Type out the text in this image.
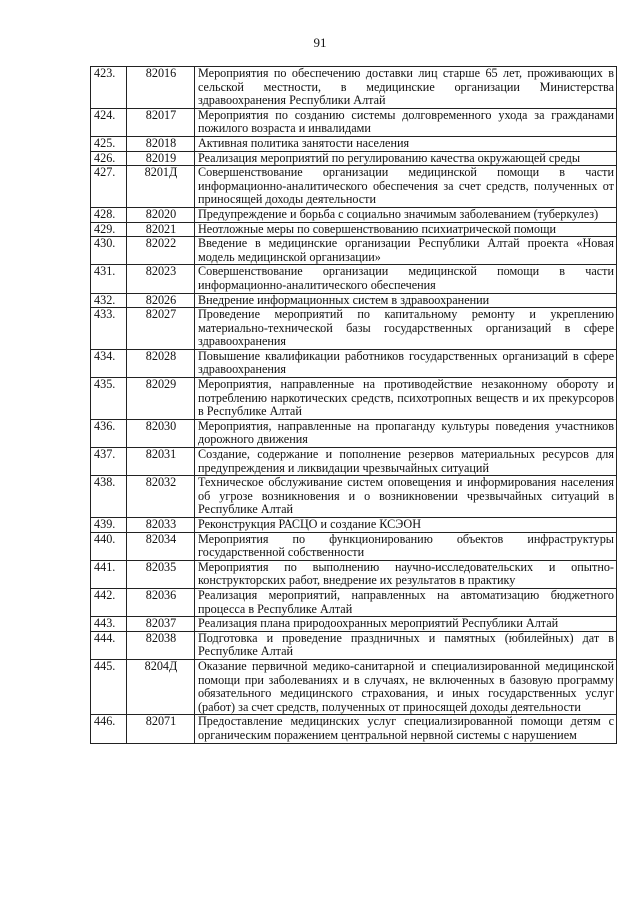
91
423.	82016	Мероприятия по обеспечению доставки лиц старше 65 лет, проживающих в сельской местности, в медицинские организации Министерства здравоохранения Республики Алтай
424.	82017	Мероприятия по созданию системы долговременного ухода за гражданами пожилого возраста и инвалидами
425.	82018	Активная политика занятости населения
426.	82019	Реализация мероприятий по регулированию качества окружающей среды
427.	8201Д	Совершенствование организации медицинской помощи в части информационно-аналитического обеспечения за счет средств, полученных от приносящей доходы деятельности
428.	82020	Предупреждение и борьба с социально значимым заболеванием (туберкулез)
429.	82021	Неотложные меры по совершенствованию психиатрической помощи
430.	82022	Введение в медицинские организации Республики Алтай проекта «Новая модель медицинской организации»
431.	82023	Совершенствование организации медицинской помощи в части информационно-аналитического обеспечения
432.	82026	Внедрение информационных систем в здравоохранении
433.	82027	Проведение мероприятий по капитальному ремонту и укреплению материально-технической базы государственных организаций в сфере здравоохранения
434.	82028	Повышение квалификации работников государственных организаций в сфере здравоохранения
435.	82029	Мероприятия, направленные на противодействие незаконному обороту и потреблению наркотических средств, психотропных веществ и их прекурсоров в Республике Алтай
436.	82030	Мероприятия, направленные на пропаганду культуры поведения участников дорожного движения
437.	82031	Создание, содержание и пополнение резервов материальных ресурсов для предупреждения и ликвидации чрезвычайных ситуаций
438.	82032	Техническое обслуживание систем оповещения и информирования населения об угрозе возникновения и о возникновении чрезвычайных ситуаций в Республике Алтай
439.	82033	Реконструкция РАСЦО и создание КСЭОН
440.	82034	Мероприятия по функционированию объектов инфраструктуры государственной собственности
441.	82035	Мероприятия по выполнению научно-исследовательских и опытно-конструкторских работ, внедрение их результатов в практику
442.	82036	Реализация мероприятий, направленных на автоматизацию бюджетного процесса в Республике Алтай
443.	82037	Реализация плана природоохранных мероприятий Республики Алтай
444.	82038	Подготовка и проведение праздничных и памятных (юбилейных) дат в Республике Алтай
445.	8204Д	Оказание первичной медико-санитарной и специализированной медицинской помощи при заболеваниях и в случаях, не включенных в базовую программу обязательного медицинского страхования, и иных государственных услуг (работ) за счет средств, полученных от приносящей доходы деятельности
446.	82071	Предоставление медицинских услуг специализированной помощи детям с органическим поражением центральной нервной системы с нарушением
